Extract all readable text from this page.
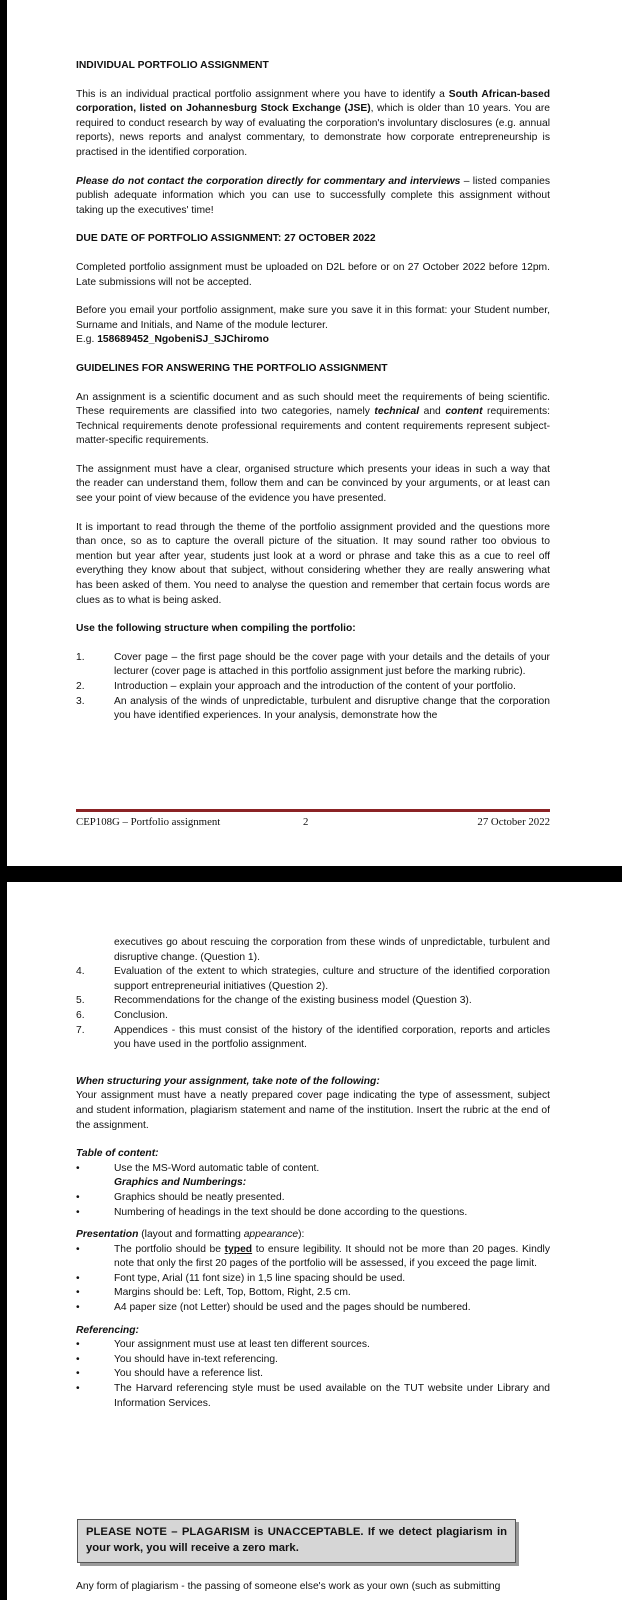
INDIVIDUAL PORTFOLIO ASSIGNMENT

This is an individual practical portfolio assignment where you have to identify a South African-based corporation, listed on Johannesburg Stock Exchange (JSE), which is older than 10 years. You are required to conduct research by way of evaluating the corporation's involuntary disclosures (e.g. annual reports), news reports and analyst commentary, to demonstrate how corporate entrepreneurship is practised in the identified corporation.

Please do not contact the corporation directly for commentary and interviews – listed companies publish adequate information which you can use to successfully complete this assignment without taking up the executives' time!

DUE DATE OF PORTFOLIO ASSIGNMENT: 27 OCTOBER 2022

Completed portfolio assignment must be uploaded on D2L before or on 27 October 2022 before 12pm. Late submissions will not be accepted.

Before you email your portfolio assignment, make sure you save it in this format: your Student number, Surname and Initials, and Name of the module lecturer.

E.g. 158689452_NgobeniSJ_SJChiromo

GUIDELINES FOR ANSWERING THE PORTFOLIO ASSIGNMENT

An assignment is a scientific document and as such should meet the requirements of being scientific. These requirements are classified into two categories, namely technical and content requirements: Technical requirements denote professional requirements and content requirements represent subject-matter-specific requirements.

The assignment must have a clear, organised structure which presents your ideas in such a way that the reader can understand them, follow them and can be convinced by your arguments, or at least can see your point of view because of the evidence you have presented.

It is important to read through the theme of the portfolio assignment provided and the questions more than once, so as to capture the overall picture of the situation. It may sound rather too obvious to mention but year after year, students just look at a word or phrase and take this as a cue to reel off everything they know about that subject, without considering whether they are really answering what has been asked of them. You need to analyse the question and remember that certain focus words are clues as to what is being asked.

Use the following structure when compiling the portfolio:

1.	Cover page – the first page should be the cover page with your details and the details of your lecturer (cover page is attached in this portfolio assignment just before the marking rubric).
2.	Introduction – explain your approach and the introduction of the content of your portfolio.
3.	An analysis of the winds of unpredictable, turbulent and disruptive change that the corporation you have identified experiences. In your analysis, demonstrate how the
CEP108G – Portfolio assignment	2	27 October 2022
executives go about rescuing the corporation from these winds of unpredictable, turbulent and disruptive change. (Question 1).
4.	Evaluation of the extent to which strategies, culture and structure of the identified corporation support entrepreneurial initiatives (Question 2).
5.	Recommendations for the change of the existing business model (Question 3).
6.	Conclusion.
7.	Appendices - this must consist of the history of the identified corporation, reports and articles you have used in the portfolio assignment.

When structuring your assignment, take note of the following:

Your assignment must have a neatly prepared cover page indicating the type of assessment, subject and student information, plagiarism statement and name of the institution. Insert the rubric at the end of the assignment.

Table of content:

•	Use the MS-Word automatic table of content.
Graphics and Numberings:
•	Graphics should be neatly presented.
•	Numbering of headings in the text should be done according to the questions.

Presentation (layout and formatting appearance):

•	The portfolio should be typed to ensure legibility. It should not be more than 20 pages. Kindly note that only the first 20 pages of the portfolio will be assessed, if you exceed the page limit.
•	Font type, Arial (11 font size) in 1,5 line spacing should be used.
•	Margins should be: Left, Top, Bottom, Right, 2.5 cm.
•	A4 paper size (not Letter) should be used and the pages should be numbered.

Referencing:

•	Your assignment must use at least ten different sources.
•	You should have in-text referencing.
•	You should have a reference list.
•	The Harvard referencing style must be used available on the TUT website under Library and Information Services.
PLEASE NOTE – PLAGARISM is UNACCEPTABLE. If we detect plagiarism in your work, you will receive a zero mark.

Any form of plagiarism - the passing of someone else's work as your own (such as submitting
